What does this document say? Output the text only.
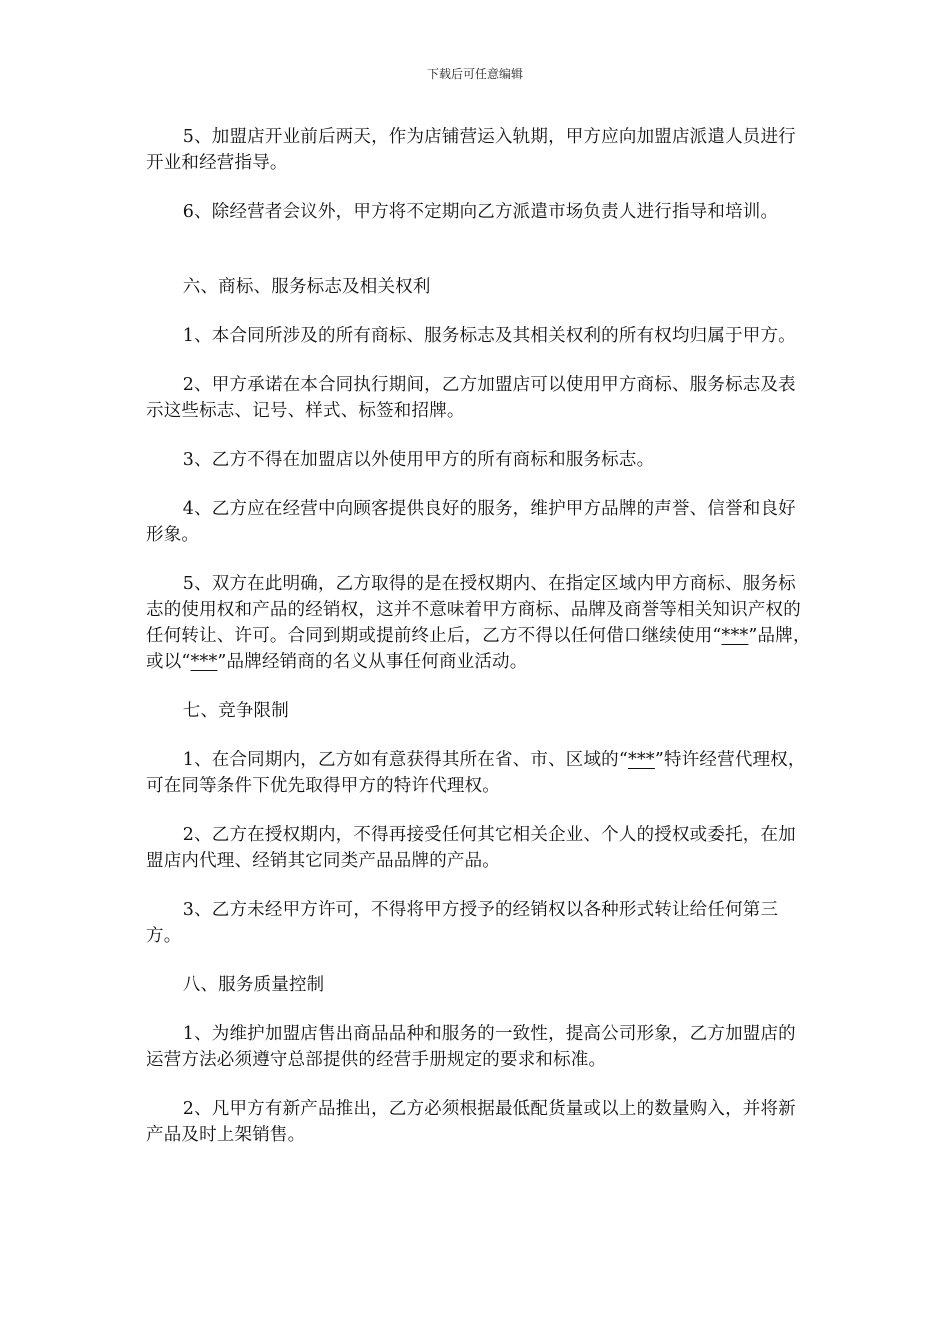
下载后可任意编辑

5、加盟店开业前后两天，作为店铺营运入轨期，甲方应向加盟店派遣人员进行开业和经营指导。

6、除经营者会议外，甲方将不定期向乙方派遣市场负责人进行指导和培训。

六、商标、服务标志及相关权利

1、本合同所涉及的所有商标、服务标志及其相关权利的所有权均归属于甲方。

2、甲方承诺在本合同执行期间，乙方加盟店可以使用甲方商标、服务标志及表示这些标志、记号、样式、标签和招牌。

3、乙方不得在加盟店以外使用甲方的所有商标和服务标志。

4、乙方应在经营中向顾客提供良好的服务，维护甲方品牌的声誉、信誉和良好形象。

5、双方在此明确，乙方取得的是在授权期内、在指定区域内甲方商标、服务标志的使用权和产品的经销权，这并不意味着甲方商标、品牌及商誉等相关知识产权的任何转让、许可。合同到期或提前终止后，乙方不得以任何借口继续使用“***”品牌，或以“***”品牌经销商的名义从事任何商业活动。

七、竞争限制

1、在合同期内，乙方如有意获得其所在省、市、区域的“***”特许经营代理权，可在同等条件下优先取得甲方的特许代理权。

2、乙方在授权期内，不得再接受任何其它相关企业、个人的授权或委托，在加盟店内代理、经销其它同类产品品牌的产品。

3、乙方未经甲方许可，不得将甲方授予的经销权以各种形式转让给任何第三方。

八、服务质量控制

1、为维护加盟店售出商品品种和服务的一致性，提高公司形象，乙方加盟店的运营方法必须遵守总部提供的经营手册规定的要求和标准。

2、凡甲方有新产品推出，乙方必须根据最低配货量或以上的数量购入，并将新产品及时上架销售。
